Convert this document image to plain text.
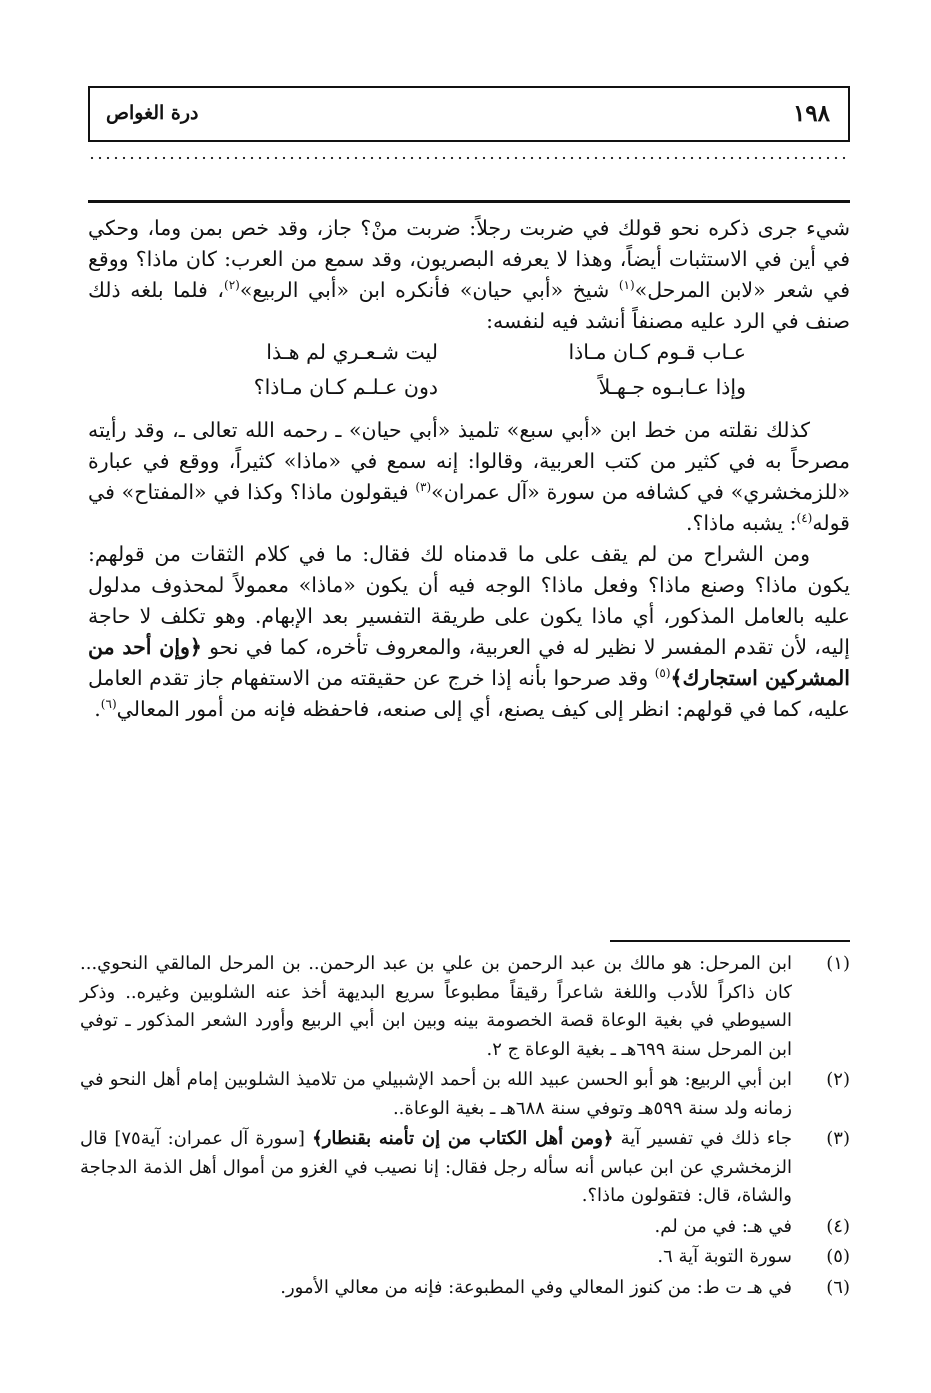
١٩٨
درة الغواص

شيء جرى ذكره نحو قولك في ضربت رجلاً: ضربت منْ؟ جاز، وقد خص بمن وما، وحكي في أين في الاستثبات أيضاً، وهذا لا يعرفه البصريون، وقد سمع من العرب: كان ماذا؟ ووقع في شعر «لابن المرحل»$^{(١)}$ شيخ «أبي حيان» فأنكره ابن «أبي الربيع»$^{(٢)}$، فلما بلغه ذلك صنف في الرد عليه مصنفاً أنشد فيه لنفسه:

عـاب قـوم كـان مـاذا
ليت شـعـري لم هـذا
وإذا عـابـوه جـهـلاً
دون عـلـم كـان مـاذا؟

كذلك نقلته من خط ابن «أبي سبع» تلميذ «أبي حيان» ـ رحمه الله تعالى ـ، وقد رأيته مصرحاً به في كثير من كتب العربية، وقالوا: إنه سمع في «ماذا» كثيراً، ووقع في عبارة «للزمخشري» في كشافه من سورة «آل عمران»$^{(٣)}$ فيقولون ماذا؟ وكذا في «المفتاح» في قوله$^{(٤)}$: يشبه ماذا؟.

ومن الشراح من لم يقف على ما قدمناه لك فقال: ما في كلام الثقات من قولهم: يكون ماذا؟ وصنع ماذا؟ وفعل ماذا؟ الوجه فيه أن يكون «ماذا» معمولاً لمحذوف مدلول عليه بالعامل المذكور، أي ماذا يكون على طريقة التفسير بعد الإبهام. وهو تكلف لا حاجة إليه، لأن تقدم المفسر لا نظير له في العربية، والمعروف تأخره، كما في نحو ﴿وإن أحد من المشركين استجارك﴾$^{(٥)}$ وقد صرحوا بأنه إذا خرج عن حقيقته من الاستفهام جاز تقدم العامل عليه، كما في قولهم: انظر إلى كيف يصنع، أي إلى صنعه، فاحفظه فإنه من أمور المعالي$^{(٦)}$.

(١)
ابن المرحل: هو مالك بن عبد الرحمن بن علي بن عبد الرحمن.. بن المرحل المالقي النحوي... كان ذاكراً للأدب واللغة شاعراً رقيقاً مطبوعاً سريع البديهة أخذ عنه الشلوبين وغيره.. وذكر السيوطي في بغية الوعاة قصة الخصومة بينه وبين ابن أبي الربيع وأورد الشعر المذكور ـ توفي ابن المرحل سنة ٦٩٩هـ ـ بغية الوعاة ج ٢.
(٢)
ابن أبي الربيع: هو أبو الحسن عبيد الله بن أحمد الإشبيلي من تلاميذ الشلوبين إمام أهل النحو في زمانه ولد سنة ٥٩٩هـ وتوفي سنة ٦٨٨هـ ـ بغية الوعاة..
(٣)
جاء ذلك في تفسير آية ﴿ومن أهل الكتاب من إن تأمنه بقنطار﴾ [سورة آل عمران: آية٧٥] قال الزمخشري عن ابن عباس أنه سأله رجل فقال: إنا نصيب في الغزو من أموال أهل الذمة الدجاجة والشاة، قال: فتقولون ماذا؟.
(٤)
في هـ: في من لم.
(٥)
سورة التوبة آية ٦.
(٦)
في هـ ت ط: من كنوز المعالي وفي المطبوعة: فإنه من معالي الأمور.
